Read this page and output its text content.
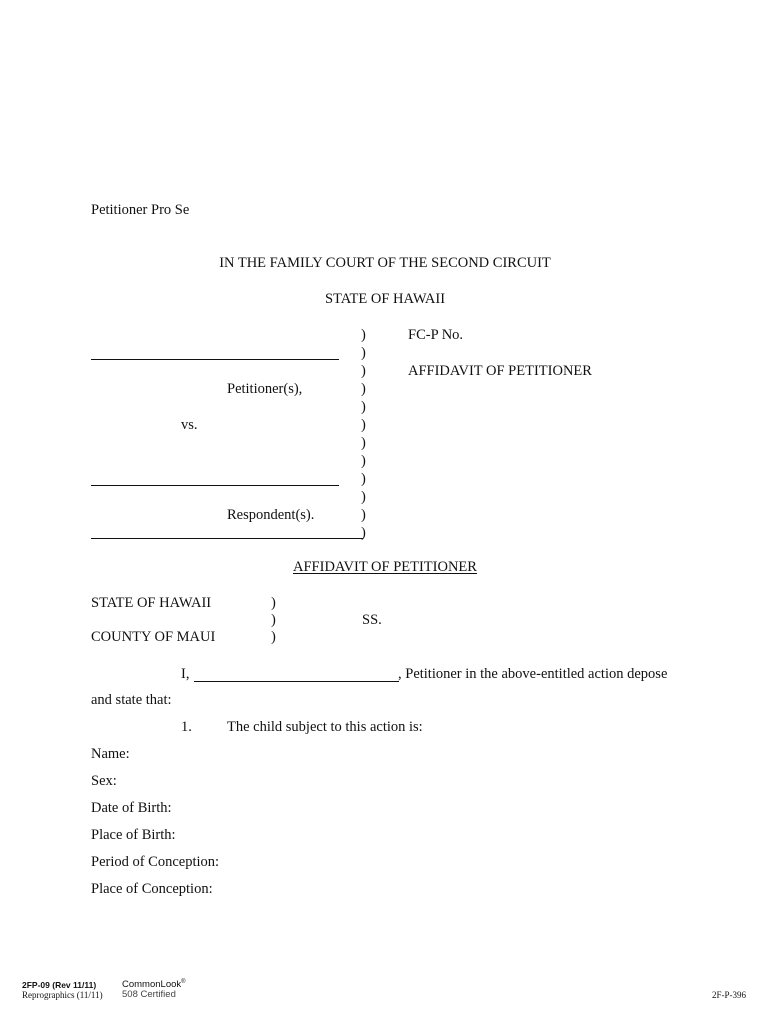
Petitioner Pro Se
IN THE FAMILY COURT OF THE SECOND CIRCUIT
STATE OF HAWAII
)
)
)
)
)
)
)
)
)
)
)
)
FC-P No.
AFFIDAVIT OF PETITIONER
Petitioner(s),
vs.
Respondent(s).
AFFIDAVIT OF PETITIONER
STATE OF HAWAII
COUNTY OF MAUI
)
)
)
SS.
I,	, Petitioner in the above-entitled action depose
and state that:
1. The child subject to this action is:
Name:
Sex:
Date of Birth:
Place of Birth:
Period of Conception:
Place of Conception:
2FP-09 (Rev 11/11)
Reprographics (11/11)
CommonLook®
508 Certified	2F-P-396
